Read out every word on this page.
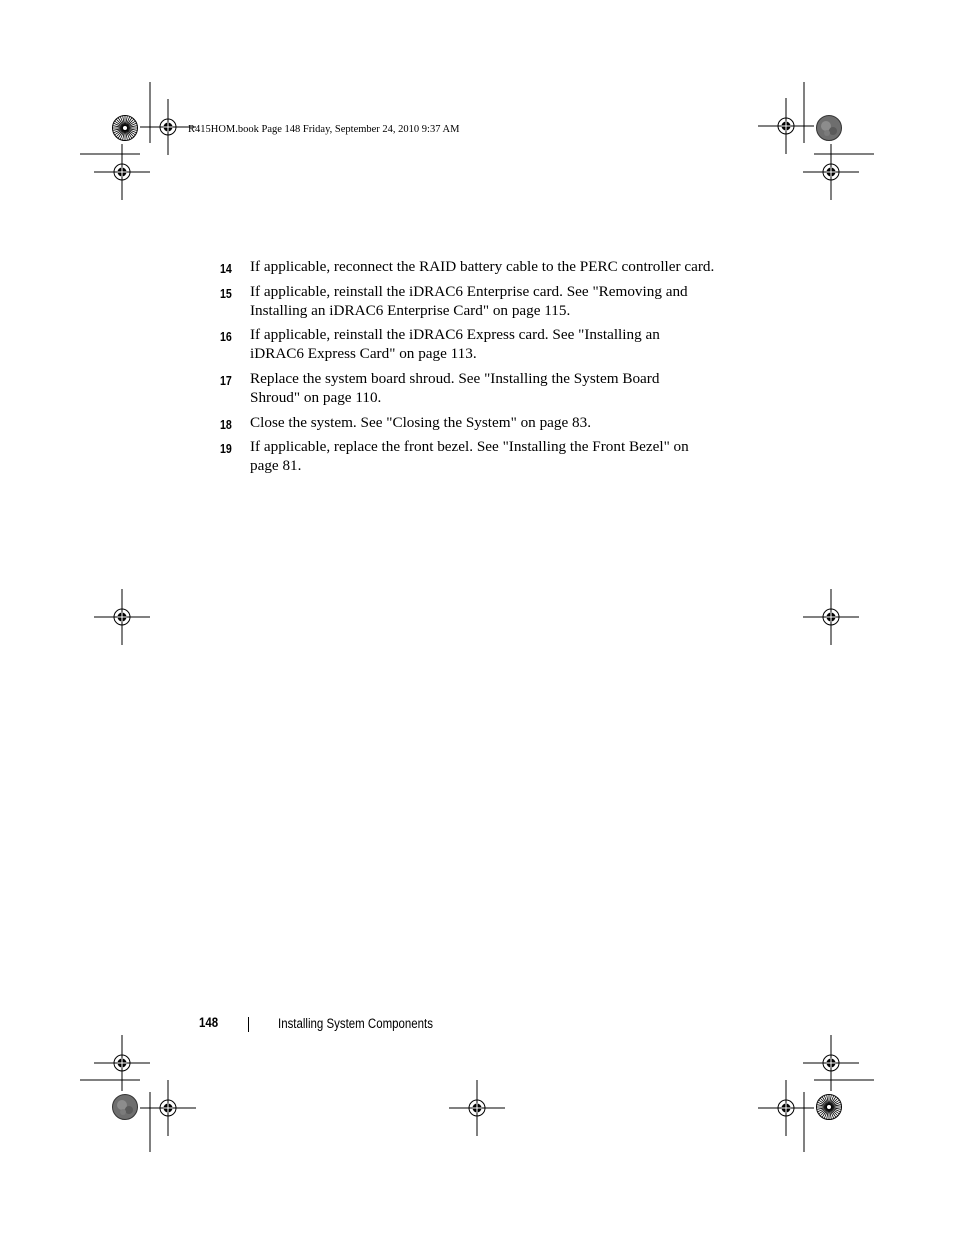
R415HOM.book Page 148 Friday, September 24, 2010 9:37 AM
14 If applicable, reconnect the RAID battery cable to the PERC controller card.
15 If applicable, reinstall the iDRAC6 Enterprise card. See "Removing and Installing an iDRAC6 Enterprise Card" on page 115.
16 If applicable, reinstall the iDRAC6 Express card. See "Installing an iDRAC6 Express Card" on page 113.
17 Replace the system board shroud. See "Installing the System Board Shroud" on page 110.
18 Close the system. See "Closing the System" on page 83.
19 If applicable, replace the front bezel. See "Installing the Front Bezel" on page 81.
148	Installing System Components
